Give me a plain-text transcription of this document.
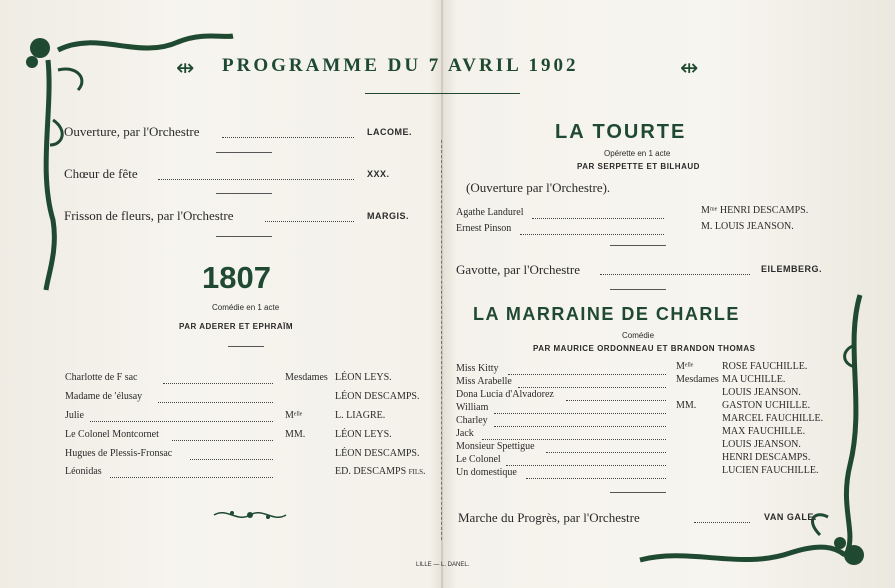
⇹ PROGRAMME DU 7 AVRIL 1902	⇹
Ouverture, par l'Orchestre	LACOME.
Chœur de fête	XXX.
Frisson de fleurs, par l'Orchestre	MARGIS.
1807
Comédie en 1 acte
PAR ADERER ET EPHRAÏM
Charlotte de F sac	Mesdames LÉON LEYS.
Madame de ʹélusay	LÉON DESCAMPS.
Julie	Mᵉˡˡᵉ	L. LIAGRE.
Le Colonel Montcornet	MM.	LÉON LEYS.
Hugues de Plessis-Fronsac	LÉON DESCAMPS.
Léonidas	ED. DESCAMPS fils.
LA TOURTE
Opérette en 1 acte
PAR SERPETTE ET BILHAUD
(Ouverture par l'Orchestre).
Agathe Landurel	Mᵐᵉ HENRI DESCAMPS.
Ernest Pinson	M. LOUIS JEANSON.
Gavotte, par l'Orchestre	EILEMBERG.
LA MARRAINE DE CHARLE
Comédie
PAR MAURICE ORDONNEAU ET BRANDON THOMAS
Miss Kitty	Mᵉˡˡᵉ	ROSE FAUCHILLE.
Miss Arabelle	Mesdames MA UCHILLE.
Dona Lucia d'Alvadorez	LOUIS JEANSON.
William	MM.	GASTON UCHILLE.
Charley	MARCEL FAUCHILLE.
Jack	MAX FAUCHILLE.
Monsieur Spettigue	LOUIS JEANSON.
Le Colonel	HENRI DESCAMPS.
Un domestique	LUCIEN FAUCHILLE.
Marche du Progrès, par l'Orchestre	VAN GALE.
LILLE — L. DANEL.
